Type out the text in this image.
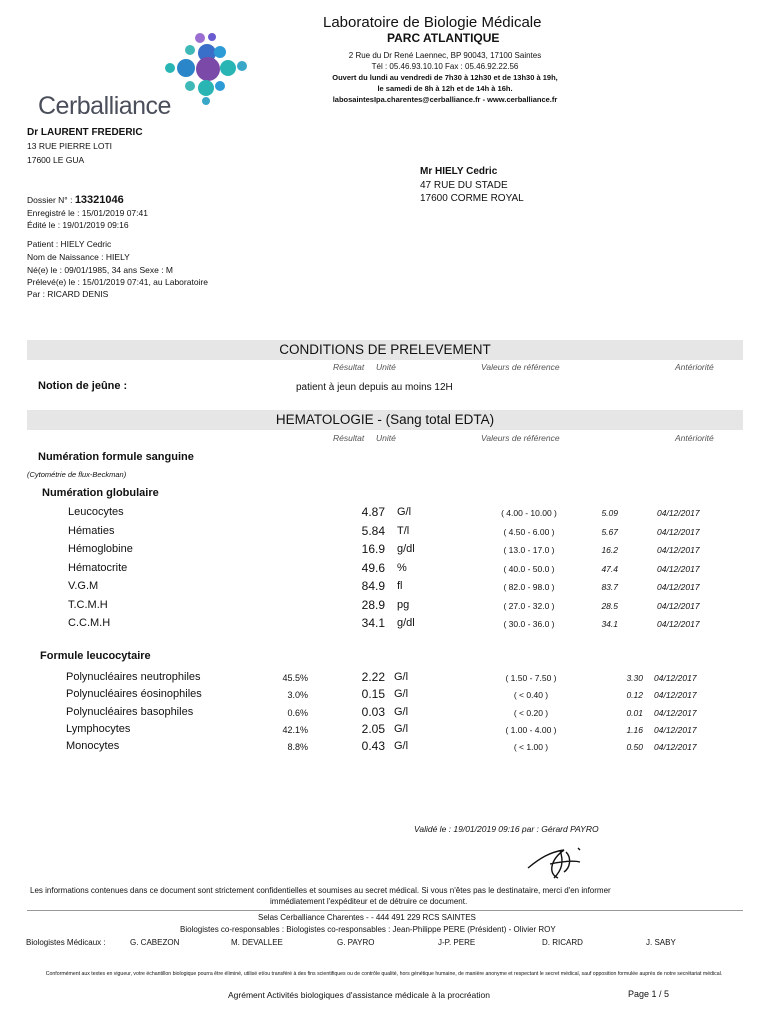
Cerballiance
Laboratoire de Biologie Médicale
PARC ATLANTIQUE
2 Rue du Dr René Laennec, BP 90043, 17100 Saintes
Tél : 05.46.93.10.10 Fax : 05.46.92.22.56
Ouvert du lundi au vendredi de 7h30 à 12h30 et de 13h30 à 19h,
le samedi de 8h à 12h et de 14h à 16h.
labosaintesIpa.charentes@cerballiance.fr - www.cerballiance.fr
Dr LAURENT FREDERIC
13 RUE PIERRE LOTI
17600 LE GUA
Mr HIELY Cedric
47 RUE DU STADE
17600 CORME ROYAL
Dossier N° : 13321046
Enregistré le : 15/01/2019 07:41
Édité le : 19/01/2019 09:16
Patient : HIELY Cedric
Nom de Naissance : HIELY
Né(e) le : 09/01/1985, 34 ans Sexe : M
Prélevé(e) le : 15/01/2019 07:41, au Laboratoire
Par : RICARD DENIS
CONDITIONS DE PRELEVEMENT
Résultat Unité	Valeurs de référence	Antériorité
Notion de jeûne :	patient à jeun depuis au moins 12H
HEMATOLOGIE - (Sang total EDTA)
Résultat Unité	Valeurs de référence	Antériorité
Numération formule sanguine
(Cytométrie de flux-Beckman)
Numération globulaire
Leucocytes	4.87 G/l	( 4.00 - 10.00 )	5.09	04/12/2017
Hématies	5.84 T/l	( 4.50 - 6.00 )	5.67	04/12/2017
Hémoglobine	16.9 g/dl	( 13.0 - 17.0 )	16.2	04/12/2017
Hématocrite	49.6 %	( 40.0 - 50.0 )	47.4	04/12/2017
V.G.M	84.9 fl	( 82.0 - 98.0 )	83.7	04/12/2017
T.C.M.H	28.9 pg	( 27.0 - 32.0 )	28.5	04/12/2017
C.C.M.H	34.1 g/dl	( 30.0 - 36.0 )	34.1	04/12/2017
Formule leucocytaire
Polynucléaires neutrophiles	45.5%	2.22 G/l	( 1.50 - 7.50 )	3.30 04/12/2017
Polynucléaires éosinophiles	3.0%	0.15 G/l	( < 0.40 )	0.12 04/12/2017
Polynucléaires basophiles	0.6%	0.03 G/l	( < 0.20 )	0.01 04/12/2017
Lymphocytes	42.1%	2.05 G/l	( 1.00 - 4.00 )	1.16 04/12/2017
Monocytes	8.8%	0.43 G/l	( < 1.00 )	0.50 04/12/2017
Validé le : 19/01/2019 09:16 par : Gérard PAYRO
Les informations contenues dans ce document sont strictement confidentielles et soumises au secret médical. Si vous n'êtes pas le destinataire, merci d'en informer
immédiatement l'expéditeur et de détruire ce document.
Selas Cerballiance Charentes - - 444 491 229 RCS SAINTES
Biologistes co-responsables : Biologistes co-responsables : Jean-Philippe PERE (Président) - Olivier ROY
Biologistes Médicaux :	G. CABEZON	M. DEVALLEE	G. PAYRO	J-P. PERE	D. RICARD	J. SABY
Conformément aux textes en vigueur, votre échantillon biologique pourra être éliminé, utilisé et/ou transféré à des fins scientifiques ou de contrôle qualité, hors génétique humaine, de manière anonyme et respectant le secret médical, sauf opposition formulée auprès de notre secrétariat médical.
Agrément Activités biologiques d'assistance médicale à la procréation	Page 1 / 5
